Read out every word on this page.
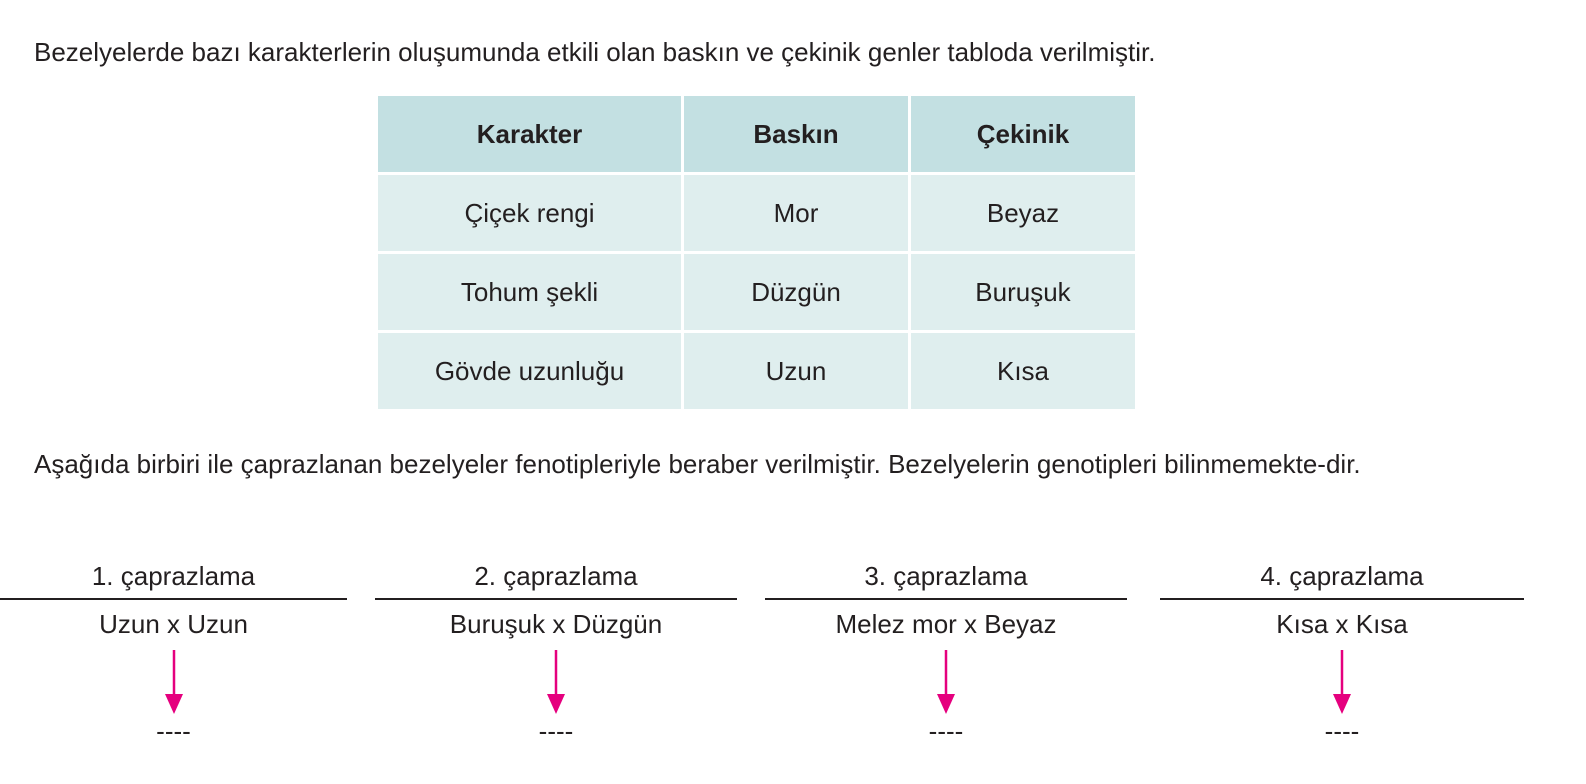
Bezelyelerde bazı karakterlerin oluşumunda etkili olan baskın ve çekinik genler tabloda verilmiştir.

Karakter	Baskın	Çekinik
Çiçek rengi	Mor	Beyaz
Tohum şekli	Düzgün	Buruşuk
Gövde uzunluğu	Uzun	Kısa

Aşağıda birbiri ile çaprazlanan bezelyeler fenotipleriyle beraber verilmiştir. Bezelyelerin genotipleri bilinmemekte-dir.

1. çaprazlama
Uzun x Uzun
----
2. çaprazlama
Buruşuk x Düzgün
----
3. çaprazlama
Melez mor x Beyaz
----
4. çaprazlama
Kısa x Kısa
----
